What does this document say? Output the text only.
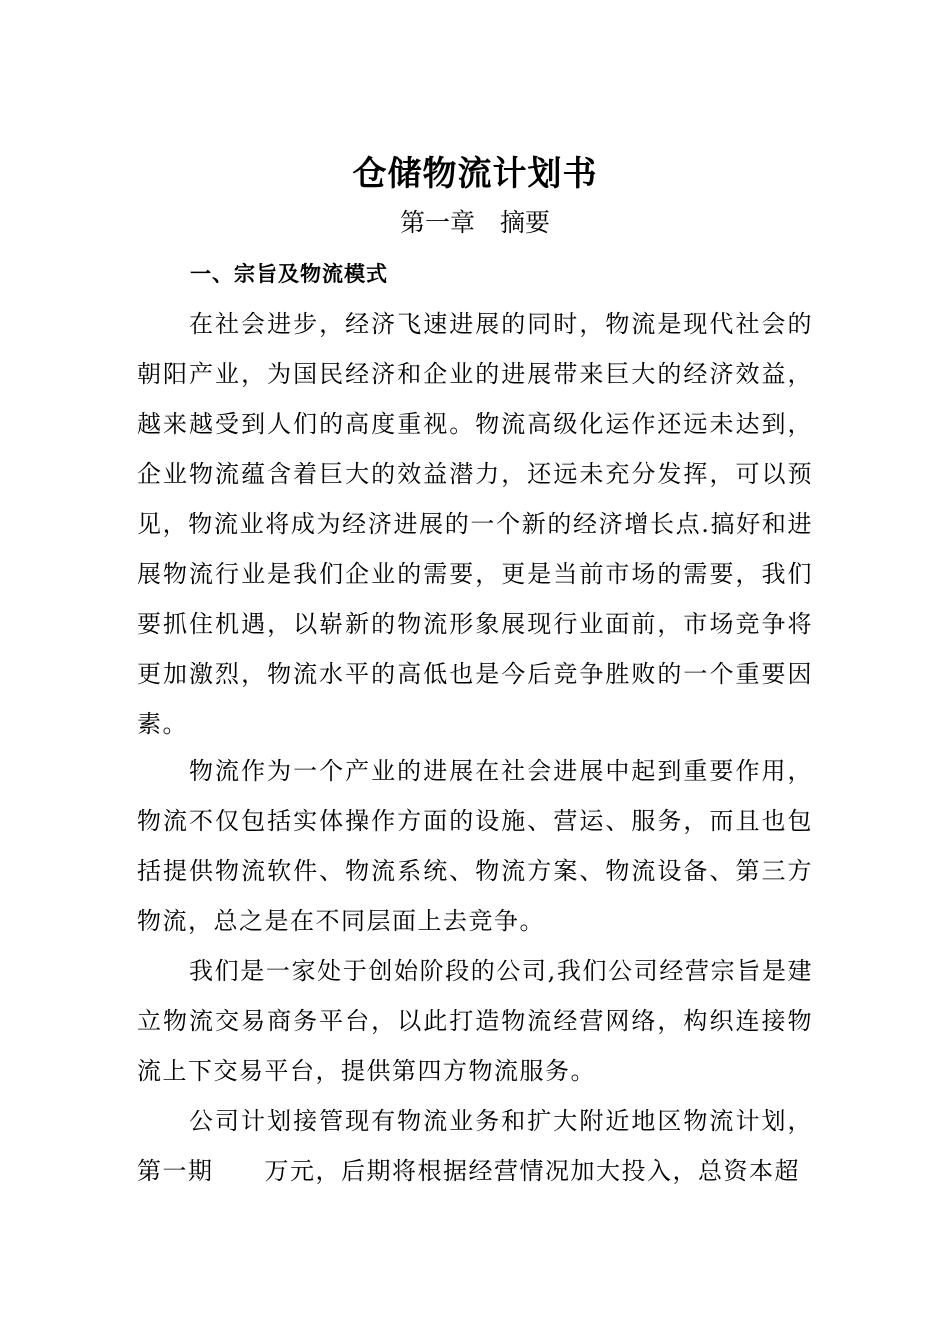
仓储物流计划书
第一章　摘要
一、宗旨及物流模式

在社会进步，经济飞速进展的同时，物流是现代社会的朝阳产业，为国民经济和企业的进展带来巨大的经济效益，越来越受到人们的高度重视。物流高级化运作还远未达到，企业物流蕴含着巨大的效益潜力，还远未充分发挥，可以预见，物流业将成为经济进展的一个新的经济增长点.搞好和进展物流行业是我们企业的需要，更是当前市场的需要，我们要抓住机遇，以崭新的物流形象展现行业面前，市场竞争将更加激烈，物流水平的高低也是今后竞争胜败的一个重要因素。

物流作为一个产业的进展在社会进展中起到重要作用，物流不仅包括实体操作方面的设施、营运、服务，而且也包括提供物流软件、物流系统、物流方案、物流设备、第三方物流，总之是在不同层面上去竞争。

我们是一家处于创始阶段的公司,我们公司经营宗旨是建立物流交易商务平台，以此打造物流经营网络，构织连接物流上下交易平台，提供第四方物流服务。

公司计划接管现有物流业务和扩大附近地区物流计划，第一期　　万元，后期将根据经营情况加大投入，总资本超
